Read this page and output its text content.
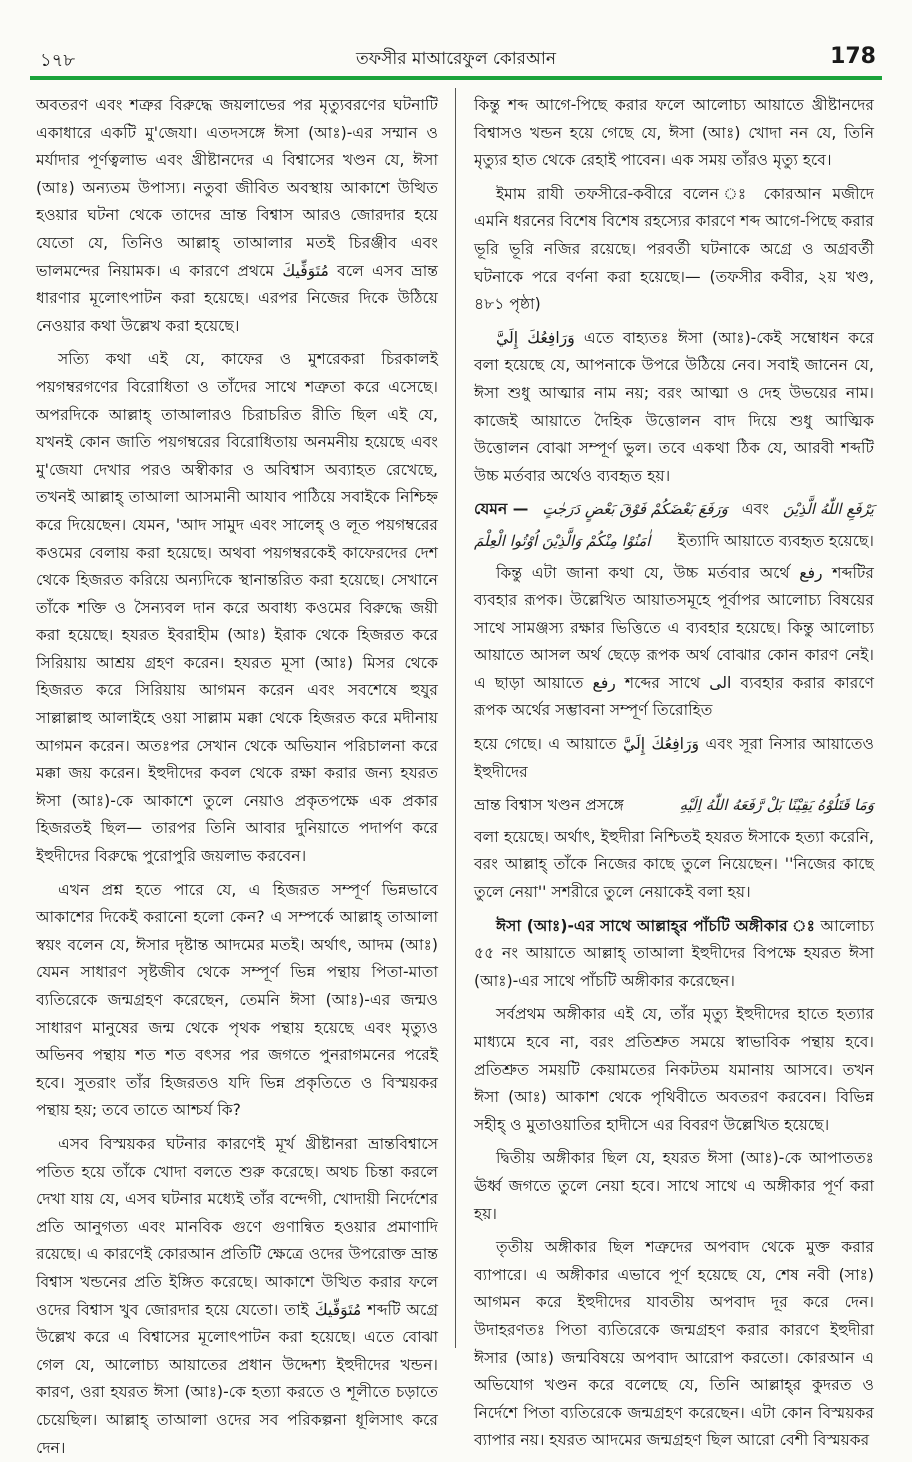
১৭৮	তফসীর মাআরেফুল কোরআন	178

অবতরণ এবং শত্রুর বিরুদ্ধে জয়লাভের পর মৃত্যুবরণের ঘটনাটি একাধারে একটি মু'জেযা। এতদসঙ্গে ঈসা (আঃ)-এর সম্মান ও মর্যাদার পূর্ণত্বলাভ এবং খ্রীষ্টানদের এ বিশ্বাসের খণ্ডন যে, ঈসা (আঃ) অন্যতম উপাস্য। নতুবা জীবিত অবস্থায় আকাশে উত্থিত হওয়ার ঘটনা থেকে তাদের ভ্রান্ত বিশ্বাস আরও জোরদার হয়ে যেতো যে, তিনিও আল্লাহ্‌ তাআলার মতই চিরঞ্জীব এবং ভালমন্দের নিয়ামক। এ কারণে প্রথমে مُتَوَفِّيكَ বলে এসব ভ্রান্ত ধারণার মূলোৎপাটন করা হয়েছে। এরপর নিজের দিকে উঠিয়ে নেওয়ার কথা উল্লেখ করা হয়েছে।

সত্যি কথা এই যে, কাফের ও মুশরেকরা চিরকালই পয়গম্বরগণের বিরোধিতা ও তাঁদের সাথে শত্রুতা করে এসেছে। অপরদিকে আল্লাহ্‌ তাআলারও চিরাচরিত রীতি ছিল এই যে, যখনই কোন জাতি পয়গম্বরের বিরোধিতায় অনমনীয় হয়েছে এবং মু'জেযা দেখার পরও অস্বীকার ও অবিশ্বাস অব্যাহত রেখেছে, তখনই আল্লাহ্‌ তাআলা আসমানী আযাব পাঠিয়ে সবাইকে নিশ্চিহ্ন করে দিয়েছেন। যেমন, 'আদ সামুদ এবং সালেহ্‌ ও লূত পয়গম্বরের কওমের বেলায় করা হয়েছে। অথবা পয়গম্বরকেই কাফেরদের দেশ থেকে হিজরত করিয়ে অন্যদিকে স্থানান্তরিত করা হয়েছে। সেখানে তাঁকে শক্তি ও সৈন্যবল দান করে অবাধ্য কওমের বিরুদ্ধে জয়ী করা হয়েছে। হযরত ইবরাহীম (আঃ) ইরাক থেকে হিজরত করে সিরিয়ায় আশ্রয় গ্রহণ করেন। হযরত মূসা (আঃ) মিসর থেকে হিজরত করে সিরিয়ায় আগমন করেন এবং সবশেষে হুযুর সাল্লাল্লাহু আলাইহে ওয়া সাল্লাম মক্কা থেকে হিজরত করে মদীনায় আগমন করেন। অতঃপর সেখান থেকে অভিযান পরিচালনা করে মক্কা জয় করেন। ইহুদীদের কবল থেকে রক্ষা করার জন্য হযরত ঈসা (আঃ)-কে আকাশে তুলে নেয়াও প্রকৃতপক্ষে এক প্রকার হিজরতই ছিল— তারপর তিনি আবার দুনিয়াতে পদার্পণ করে ইহুদীদের বিরুদ্ধে পুরোপুরি জয়লাভ করবেন।

এখন প্রশ্ন হতে পারে যে, এ হিজরত সম্পূর্ণ ভিন্নভাবে আকাশের দিকেই করানো হলো কেন? এ সম্পর্কে আল্লাহ্‌ তাআলা স্বয়ং বলেন যে, ঈসার দৃষ্টান্ত আদমের মতই। অর্থাৎ, আদম (আঃ) যেমন সাধারণ সৃষ্টজীব থেকে সম্পূর্ণ ভিন্ন পন্থায় পিতা-মাতা ব্যতিরেকে জন্মগ্রহণ করেছেন, তেমনি ঈসা (আঃ)-এর জন্মও সাধারণ মানুষের জন্ম থেকে পৃথক পন্থায় হয়েছে এবং মৃত্যুও অভিনব পন্থায় শত শত বৎসর পর জগতে পুনরাগমনের পরেই হবে। সুতরাং তাঁর হিজরতও যদি ভিন্ন প্রকৃতিতে ও বিস্ময়কর পন্থায় হয়; তবে তাতে আশ্চর্য কি?

এসব বিস্ময়কর ঘটনার কারণেই মূর্খ খ্রীষ্টানরা ভ্রান্তবিশ্বাসে পতিত হয়ে তাঁকে খোদা বলতে শুরু করেছে। অথচ চিন্তা করলে দেখা যায় যে, এসব ঘটনার মধ্যেই তাঁর বন্দেগী, খোদায়ী নির্দেশের প্রতি আনুগত্য এবং মানবিক গুণে গুণান্বিত হওয়ার প্রমাণাদি রয়েছে। এ কারণেই কোরআন প্রতিটি ক্ষেত্রে ওদের উপরোক্ত ভ্রান্ত বিশ্বাস খন্ডনের প্রতি ইঙ্গিত করেছে। আকাশে উত্থিত করার ফলে ওদের বিশ্বাস খুব জোরদার হয়ে যেতো। তাই مُتَوَفِّيكَ শব্দটি অগ্রে উল্লেখ করে এ বিশ্বাসের মূলোৎপাটন করা হয়েছে। এতে বোঝা গেল যে, আলোচ্য আয়াতের প্রধান উদ্দেশ্য ইহুদীদের খন্ডন। কারণ, ওরা হযরত ঈসা (আঃ)-কে হত্যা করতে ও শূলীতে চড়াতে চেয়েছিল। আল্লাহ্‌ তাআলা ওদের সব পরিকল্পনা ধূলিসাৎ করে দেন।

কিন্তু শব্দ আগে-পিছে করার ফলে আলোচ্য আয়াতে খ্রীষ্টানদের বিশ্বাসও খন্ডন হয়ে গেছে যে, ঈসা (আঃ) খোদা নন যে, তিনি মৃত্যুর হাত থেকে রেহাই পাবেন। এক সময় তাঁরও মৃত্যু হবে।

ইমাম রাযী তফসীরে-কবীরে বলেন ঃ কোরআন মজীদে এমনি ধরনের বিশেষ বিশেষ রহস্যের কারণে শব্দ আগে-পিছে করার ভূরি ভূরি নজির রয়েছে। পরবর্তী ঘটনাকে অগ্রে ও অগ্রবর্তী ঘটনাকে পরে বর্ণনা করা হয়েছে।— (তফসীর কবীর, ২য় খণ্ড, ৪৮১ পৃষ্ঠা)

وَرَافِعُكَ إِلَيَّ এতে বাহ্যতঃ ঈসা (আঃ)-কেই সম্বোধন করে বলা হয়েছে যে, আপনাকে উপরে উঠিয়ে নেব। সবাই জানেন যে, ঈসা শুধু আত্মার নাম নয়; বরং আত্মা ও দেহ উভয়ের নাম। কাজেই আয়াতে দৈহিক উত্তোলন বাদ দিয়ে শুধু আত্মিক উত্তোলন বোঝা সম্পূর্ণ ভুল। তবে একথা ঠিক যে, আরবী শব্দটি উচ্চ মর্তবার অর্থেও ব্যবহৃত হয়।

যেমন — وَرَفَعَ بَعْضَكُمْ فَوْقَ بَعْضٍ دَرَجٰتٍ এবং يَرْفَعِ اللّٰهُ الَّذِيْنَ
اٰمَنُوْا مِنْكُمْ وَالَّذِيْنَ اُوْتُوا الْعِلْمَ ইত্যাদি আয়াতে ব্যবহৃত হয়েছে।

কিন্তু এটা জানা কথা যে, উচ্চ মর্তবার অর্থে رفع শব্দটির ব্যবহার রূপক। উল্লেখিত আয়াতসমূহে পূর্বাপর আলোচ্য বিষয়ের সাথে সামঞ্জস্য রক্ষার ভিত্তিতে এ ব্যবহার হয়েছে। কিন্তু আলোচ্য আয়াতে আসল অর্থ ছেড়ে রূপক অর্থ বোঝার কোন কারণ নেই। এ ছাড়া আয়াতে رفع শব্দের সাথে الى ব্যবহার করার কারণে রূপক অর্থের সম্ভাবনা সম্পূর্ণ তিরোহিত

হয়ে গেছে। এ আয়াতে وَرَافِعُكَ إِلَيَّ এবং সূরা নিসার আয়াতেও ইহুদীদের

ভ্রান্ত বিশ্বাস খণ্ডন প্রসঙ্গে	وَمَا قَتَلُوْهُ يَقِيْنًا بَلْ رَّفَعَهُ اللّٰهُ اِلَيْهِ

বলা হয়েছে। অর্থাৎ, ইহুদীরা নিশ্চিতই হযরত ঈসাকে হত্যা করেনি, বরং আল্লাহ্‌ তাঁকে নিজের কাছে তুলে নিয়েছেন। ''নিজের কাছে তুলে নেয়া'' সশরীরে তুলে নেয়াকেই বলা হয়।

ঈসা (আঃ)-এর সাথে আল্লাহ্‌র পাঁচটি অঙ্গীকার ঃ আলোচ্য ৫৫ নং আয়াতে আল্লাহ্‌ তাআলা ইহুদীদের বিপক্ষে হযরত ঈসা (আঃ)-এর সাথে পাঁচটি অঙ্গীকার করেছেন।

সর্বপ্রথম অঙ্গীকার এই যে, তাঁর মৃত্যু ইহুদীদের হাতে হত্যার মাধ্যমে হবে না, বরং প্রতিশ্রুত সময়ে স্বাভাবিক পন্থায় হবে। প্রতিশ্রুত সময়টি কেয়ামতের নিকটতম যমানায় আসবে। তখন ঈসা (আঃ) আকাশ থেকে পৃথিবীতে অবতরণ করবেন। বিভিন্ন সহীহ্‌ ও মুতাওয়াতির হাদীসে এর বিবরণ উল্লেখিত হয়েছে।

দ্বিতীয় অঙ্গীকার ছিল যে, হযরত ঈসা (আঃ)-কে আপাততঃ ঊর্ধ্ব জগতে তুলে নেয়া হবে। সাথে সাথে এ অঙ্গীকার পূর্ণ করা হয়।

তৃতীয় অঙ্গীকার ছিল শত্রুদের অপবাদ থেকে মুক্ত করার ব্যাপারে। এ অঙ্গীকার এভাবে পূর্ণ হয়েছে যে, শেষ নবী (সাঃ) আগমন করে ইহুদীদের যাবতীয় অপবাদ দূর করে দেন। উদাহরণতঃ পিতা ব্যতিরেকে জন্মগ্রহণ করার কারণে ইহুদীরা ঈসার (আঃ) জন্মবিষয়ে অপবাদ আরোপ করতো। কোরআন এ অভিযোগ খণ্ডন করে বলেছে যে, তিনি আল্লাহ্‌র কুদরত ও নির্দেশে পিতা ব্যতিরেকে জন্মগ্রহণ করেছেন। এটা কোন বিস্ময়কর ব্যাপার নয়। হযরত আদমের জন্মগ্রহণ ছিল আরো বেশী বিস্ময়কর
